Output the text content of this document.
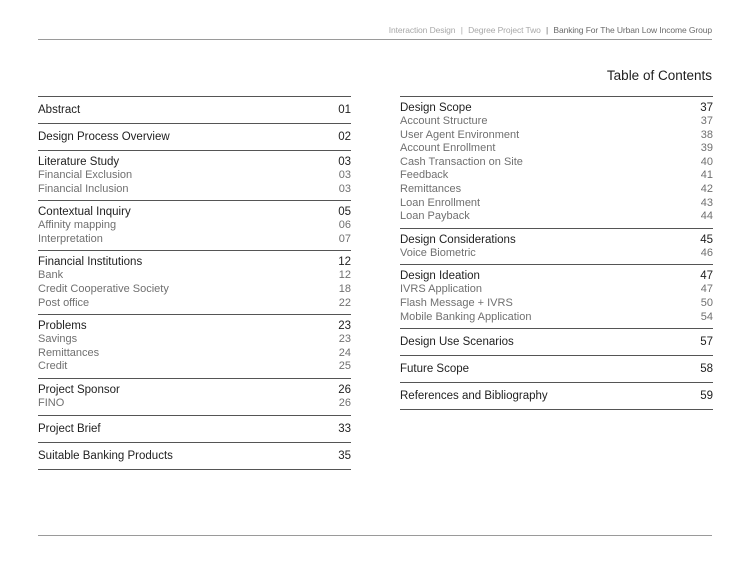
Interaction Design | Degree Project Two | Banking For The Urban Low Income Group
Table of Contents
Abstract	01
Design Process Overview	02
Literature Study	03
Financial Exclusion	03
Financial Inclusion	03
Contextual Inquiry	05
Affinity mapping	06
Interpretation	07
Financial Institutions	12
Bank	12
Credit Cooperative Society	18
Post office	22
Problems	23
Savings	23
Remittances	24
Credit	25
Project Sponsor	26
FINO	26
Project Brief	33
Suitable Banking Products	35
Design Scope	37
Account Structure	37
User Agent Environment	38
Account Enrollment	39
Cash Transaction on Site	40
Feedback	41
Remittances	42
Loan Enrollment	43
Loan Payback	44
Design Considerations	45
Voice Biometric	46
Design Ideation	47
IVRS Application	47
Flash Message + IVRS	50
Mobile Banking Application	54
Design Use Scenarios	57
Future Scope	58
References and Bibliography	59
